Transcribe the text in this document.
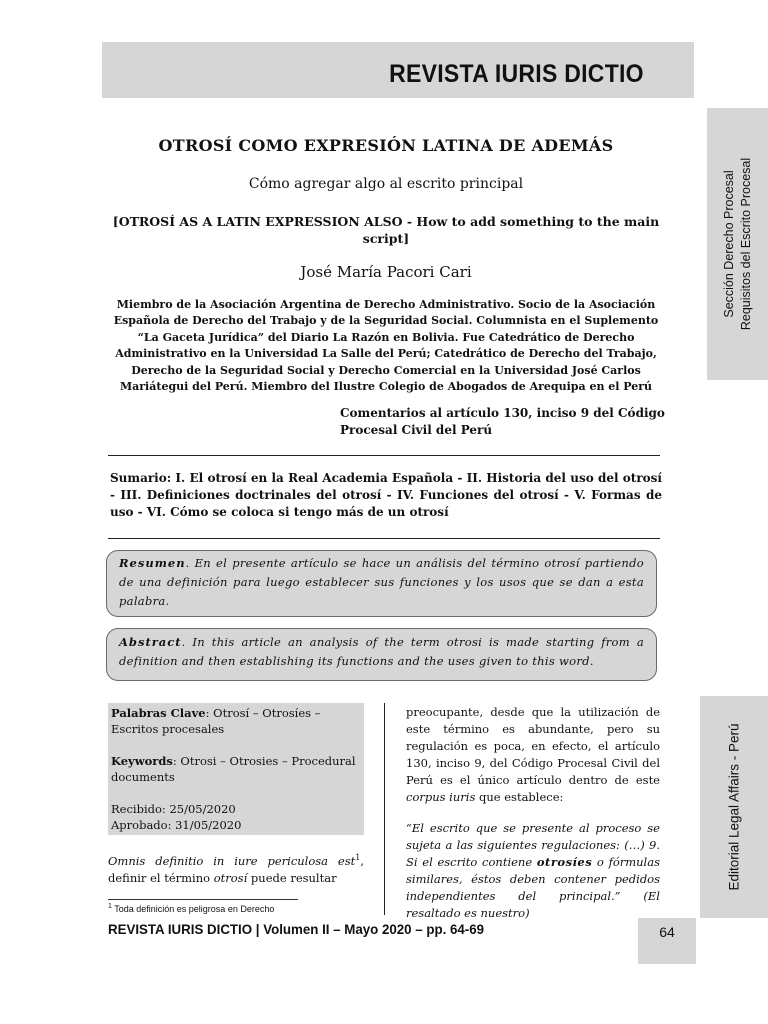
REVISTA IURIS DICTIO
Sección Derecho Procesal Requisitos del Escrito Procesal
Editorial Legal Affairs - Perú
OTROSÍ COMO EXPRESIÓN LATINA DE ADEMÁS
Cómo agregar algo al escrito principal
[OTROSÍ AS A LATIN EXPRESSION ALSO - How to add something to the main script]
José María Pacori Cari
Miembro de la Asociación Argentina de Derecho Administrativo. Socio de la Asociación Española de Derecho del Trabajo y de la Seguridad Social. Columnista en el Suplemento “La Gaceta Jurídica” del Diario La Razón en Bolivia. Fue Catedrático de Derecho Administrativo en la Universidad La Salle del Perú; Catedrático de Derecho del Trabajo, Derecho de la Seguridad Social y Derecho Comercial en la Universidad José Carlos Mariátegui del Perú. Miembro del Ilustre Colegio de Abogados de Arequipa en el Perú
Comentarios al artículo 130, inciso 9 del Código Procesal Civil del Perú
Sumario: I. El otrosí en la Real Academia Española - II. Historia del uso del otrosí - III. Definiciones doctrinales del otrosí - IV. Funciones del otrosí - V. Formas de uso - VI. Cómo se coloca si tengo más de un otrosí
Resumen. En el presente artículo se hace un análisis del término otrosí partiendo de una definición para luego establecer sus funciones y los usos que se dan a esta palabra.
Abstract. In this article an analysis of the term otrosi is made starting from a definition and then establishing its functions and the uses given to this word.

Palabras Clave: Otrosí – Otrosíes – Escritos procesales

Keywords: Otrosi – Otrosies – Procedural documents

Recibido: 25/05/2020

Aprobado: 31/05/2020

Omnis definitio in iure periculosa est$^1$, definir el término otrosí puede resultar
$^1$ Toda definición es peligrosa en Derecho
preocupante, desde que la utilización de este término es abundante, pero su regulación es poca, en efecto, el artículo 130, inciso 9, del Código Procesal Civil del Perú es el único artículo dentro de este corpus iuris que establece:
“El escrito que se presente al proceso se sujeta a las siguientes regulaciones: (…) 9. Si el escrito contiene otrosíes o fórmulas similares, éstos deben contener pedidos independientes del principal.” (El resaltado es nuestro)
REVISTA IURIS DICTIO | Volumen II – Mayo 2020 – pp. 64-69	64
